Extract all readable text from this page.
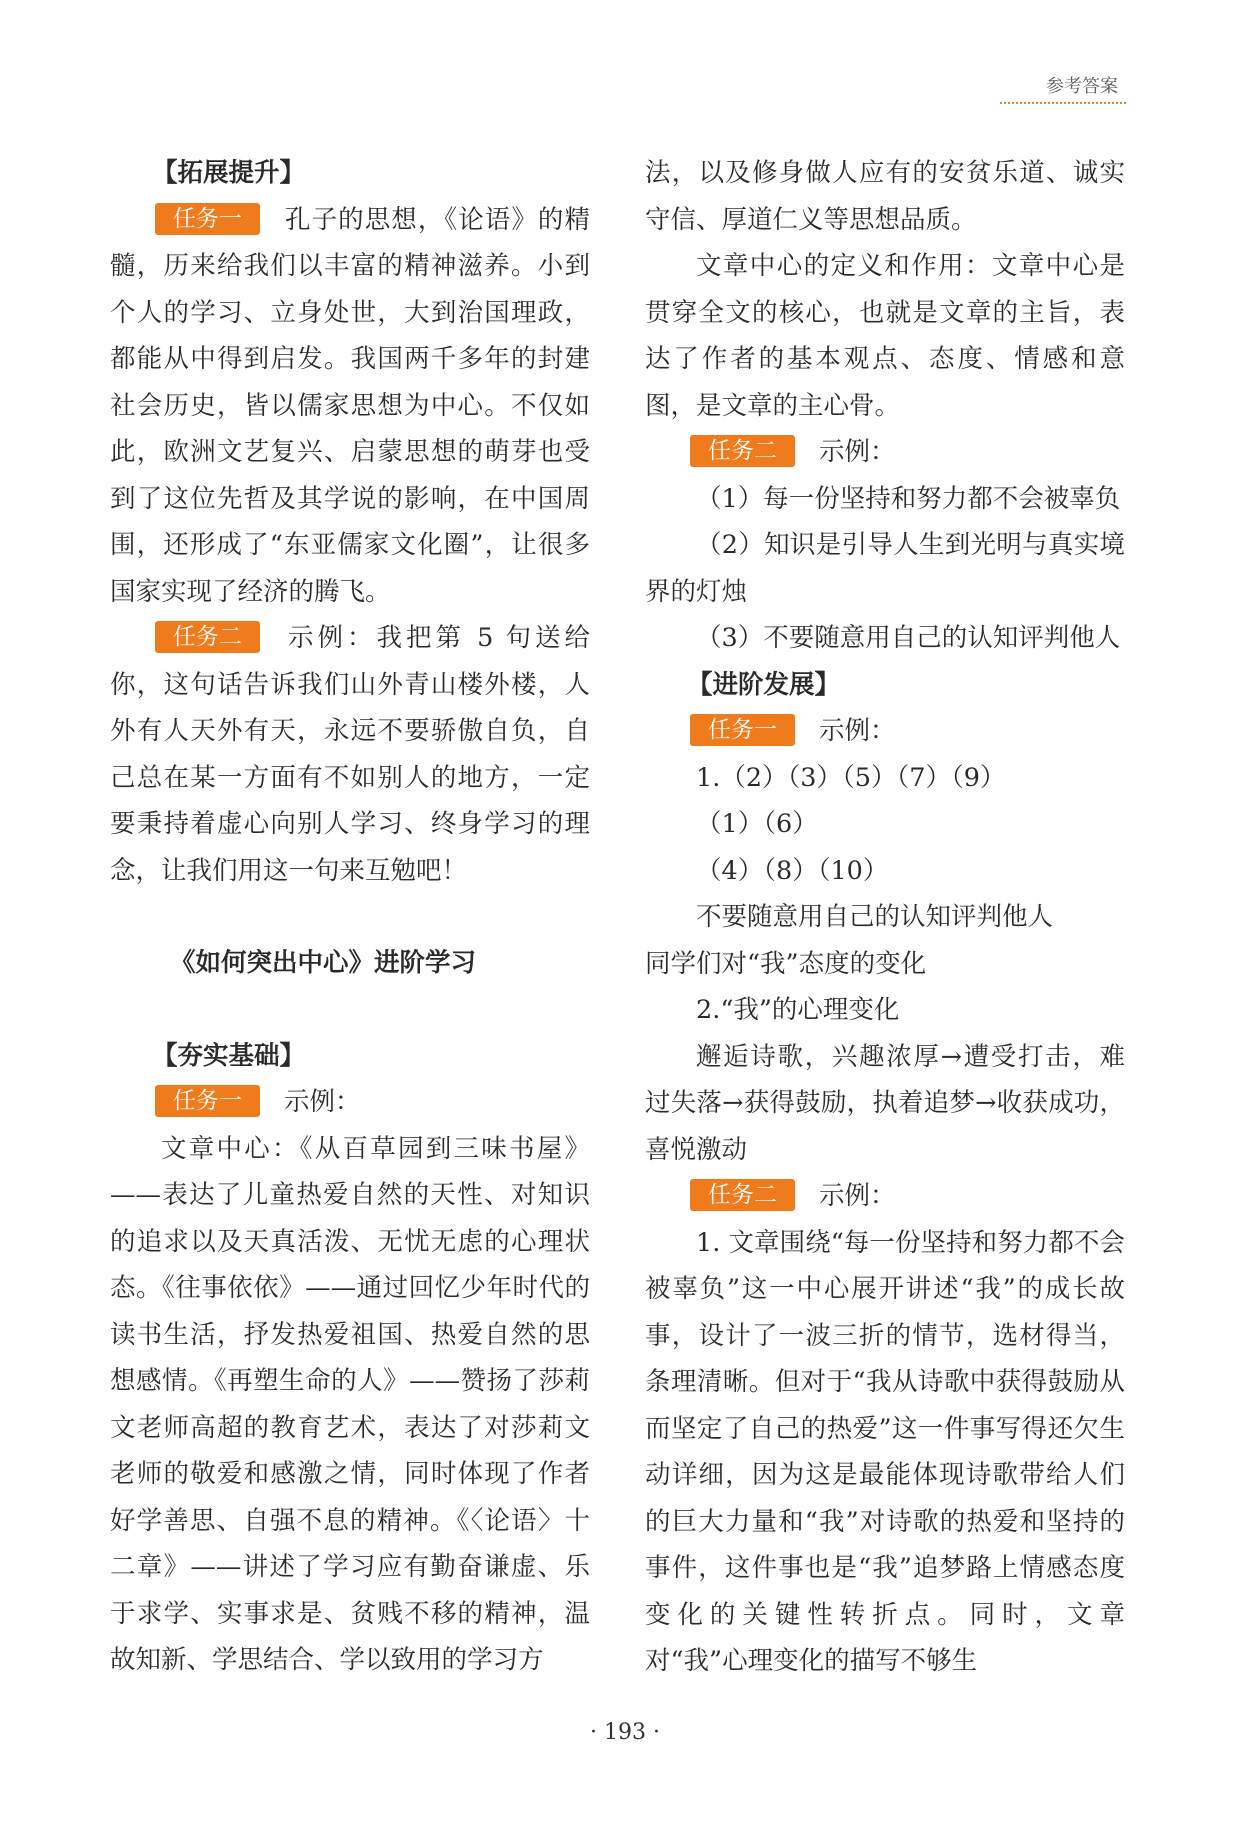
参考答案

【拓展提升】

任务一 孔子的思想，《论语》的精髓，历来给我们以丰富的精神滋养。小到个人的学习、立身处世，大到治国理政，都能从中得到启发。我国两千多年的封建社会历史，皆以儒家思想为中心。不仅如此，欧洲文艺复兴、启蒙思想的萌芽也受到了这位先哲及其学说的影响，在中国周围，还形成了“东亚儒家文化圈”，让很多国家实现了经济的腾飞。

任务二 示例：我把第 5 句送给你，这句话告诉我们山外青山楼外楼，人外有人天外有天，永远不要骄傲自负，自己总在某一方面有不如别人的地方，一定要秉持着虚心向别人学习、终身学习的理念，让我们用这一句来互勉吧！

《如何突出中心》进阶学习

【夯实基础】

任务一 示例：

文章中心：《从百草园到三味书屋》——表达了儿童热爱自然的天性、对知识的追求以及天真活泼、无忧无虑的心理状态。《往事依依》——通过回忆少年时代的读书生活，抒发热爱祖国、热爱自然的思想感情。《再塑生命的人》——赞扬了莎莉文老师高超的教育艺术，表达了对莎莉文老师的敬爱和感激之情，同时体现了作者好学善思、自强不息的精神。《〈论语〉十二章》——讲述了学习应有勤奋谦虚、乐于求学、实事求是、贫贱不移的精神，温故知新、学思结合、学以致用的学习方

法，以及修身做人应有的安贫乐道、诚实守信、厚道仁义等思想品质。

文章中心的定义和作用：文章中心是贯穿全文的核心，也就是文章的主旨，表达了作者的基本观点、态度、情感和意图，是文章的主心骨。

任务二 示例：

（1）每一份坚持和努力都不会被辜负

（2）知识是引导人生到光明与真实境界的灯烛

（3）不要随意用自己的认知评判他人

【进阶发展】

任务一 示例：

1.（2）（3）（5）（7）（9）

（1）（6）

（4）（8）（10）

不要随意用自己的认知评判他人

同学们对“我”态度的变化

2.“我”的心理变化

邂逅诗歌，兴趣浓厚→遭受打击，难过失落→获得鼓励，执着追梦→收获成功，喜悦激动

任务二 示例：

1. 文章围绕“每一份坚持和努力都不会被辜负”这一中心展开讲述“我”的成长故事，设计了一波三折的情节，选材得当，条理清晰。但对于“我从诗歌中获得鼓励从而坚定了自己的热爱”这一件事写得还欠生动详细，因为这是最能体现诗歌带给人们的巨大力量和“我”对诗歌的热爱和坚持的事件，这件事也是“我”追梦路上情感态度变化的关键性转折点。同时，文章对“我”心理变化的描写不够生

· 193 ·
